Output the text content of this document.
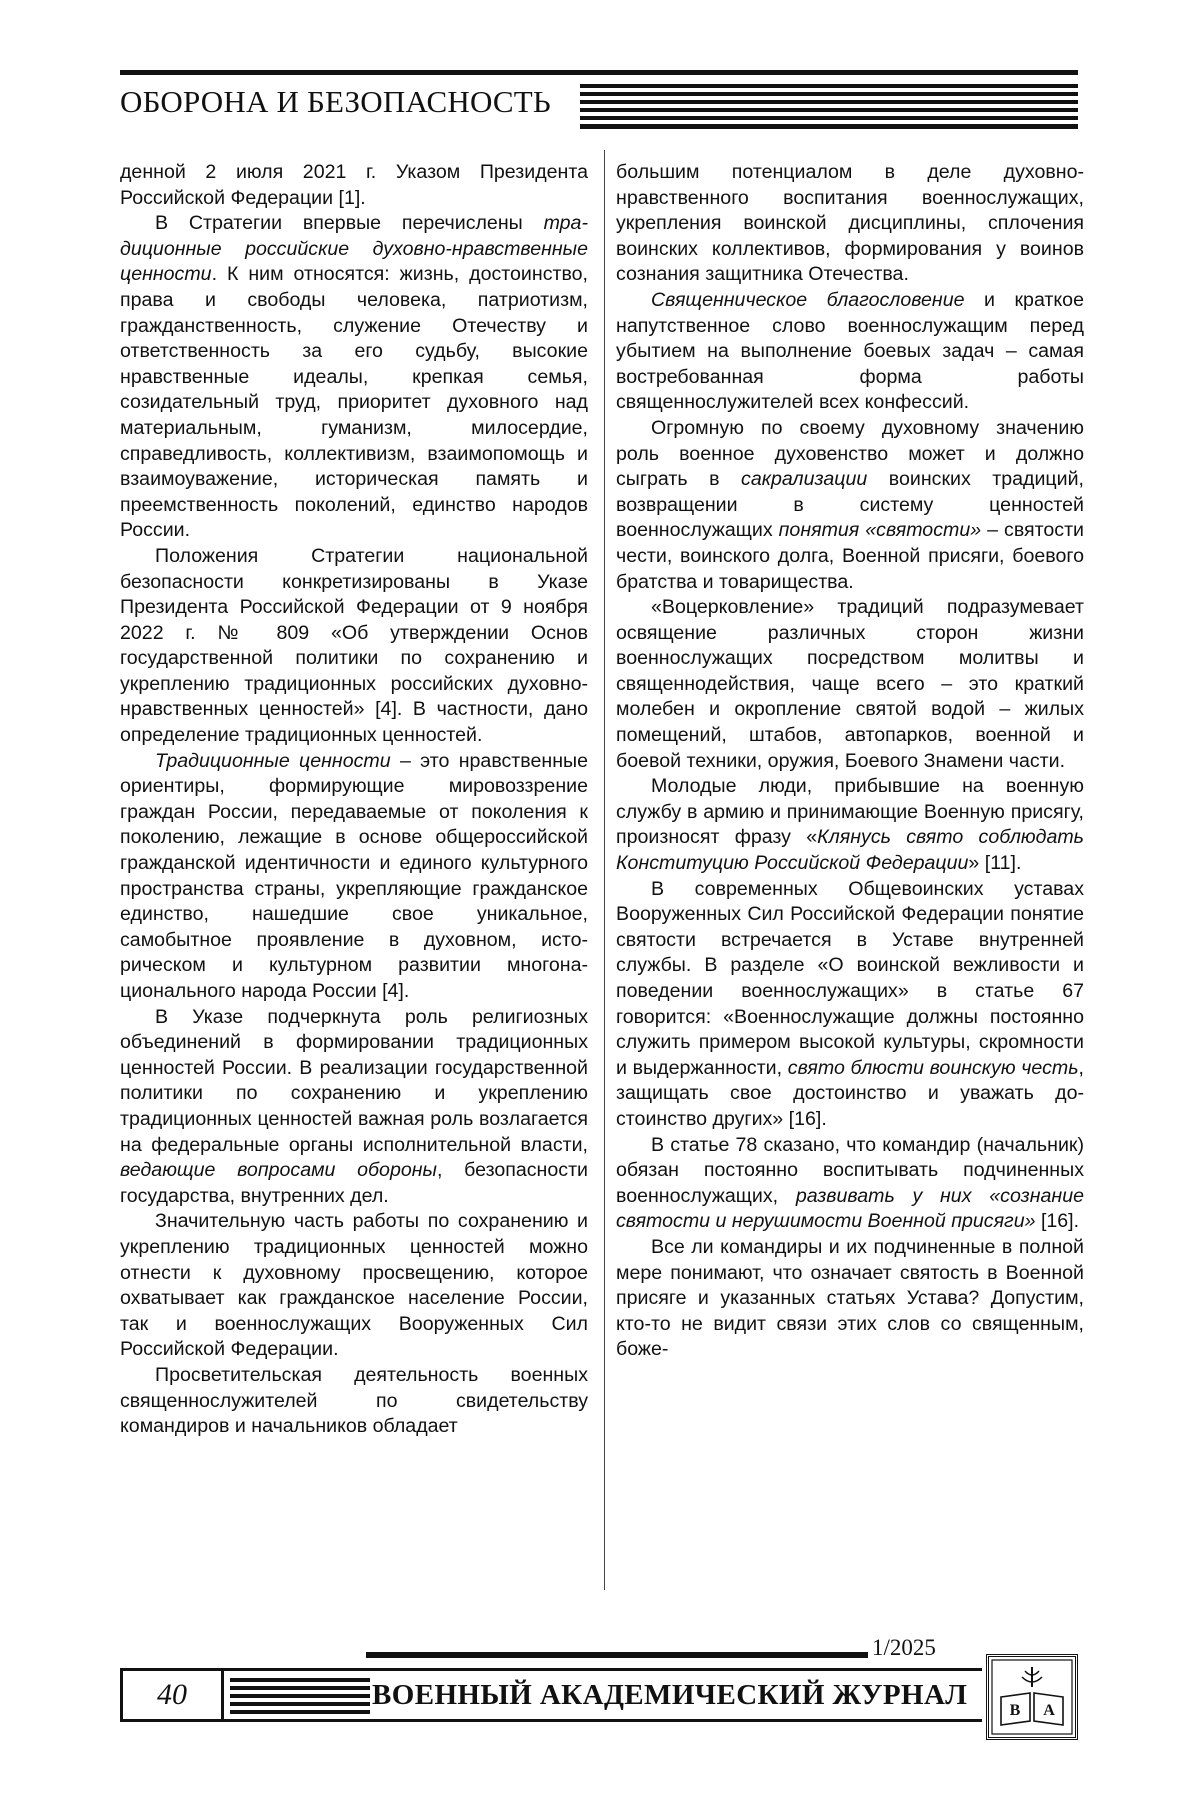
ОБОРОНА И БЕЗОПАСНОСТЬ

денной 2 июля 2021 г. Указом Президента Российской Федерации [1].

В Стратегии впервые перечислены традиционные российские духовно-нравственные ценности. К ним относятся: жизнь, достоинство, права и свободы человека, патриотизм, гражданственность, служение Отечеству и ответственность за его судьбу, высокие нравственные идеалы, крепкая семья, созидательный труд, приоритет духовного над материальным, гуманизм, милосердие, справедливость, коллективизм, взаимопомощь и взаимоуважение, историческая память и преемственность поколений, единство народов России.

Положения Стратегии национальной безопасности конкретизированы в Указе Президента Российской Федерации от 9 ноября 2022 г. № 809 «Об утверждении Основ государственной политики по сохранению и укреплению традиционных российских духовно-нравственных ценностей» [4]. В частности, дано определение традиционных ценностей.

Традиционные ценности – это нравственные ориентиры, формирующие мировоззрение граждан России, передаваемые от поколения к поколению, лежащие в основе общероссийской гражданской идентичности и единого культурного пространства страны, укрепляющие гражданское единство, нашедшие свое уникальное, самобытное проявление в духовном, историческом и культурном развитии многонационального народа России [4].

В Указе подчеркнута роль религиозных объединений в формировании традиционных ценностей России. В реализации государственной политики по сохранению и укреплению традиционных ценностей важная роль возлагается на федеральные органы исполнительной власти, ведающие вопросами обороны, безопасности государства, внутренних дел.

Значительную часть работы по сохранению и укреплению традиционных ценностей можно отнести к духовному просвещению, которое охватывает как гражданское население России, так и военнослужащих Вооруженных Сил Российской Федерации.

Просветительская деятельность военных священнослужителей по свидетельству командиров и начальников обладает

большим потенциалом в деле духовно-нравственного воспитания военнослужащих, укрепления воинской дисциплины, сплочения воинских коллективов, формирования у воинов сознания защитника Отечества.

Священническое благословение и краткое напутственное слово военнослужащим перед убытием на выполнение боевых задач – самая востребованная форма работы священнослужителей всех конфессий.

Огромную по своему духовному значению роль военное духовенство может и должно сыграть в сакрализации воинских традиций, возвращении в систему ценностей военнослужащих понятия «святости» – святости чести, воинского долга, Военной присяги, боевого братства и товарищества.

«Воцерковление» традиций подразумевает освящение различных сторон жизни военнослужащих посредством молитвы и священнодействия, чаще всего – это краткий молебен и окропление святой водой – жилых помещений, штабов, автопарков, военной и боевой техники, оружия, Боевого Знамени части.

Молодые люди, прибывшие на военную службу в армию и принимающие Военную присягу, произносят фразу «Клянусь свято соблюдать Конституцию Российской Федерации» [11].

В современных Общевоинских уставах Вооруженных Сил Российской Федерации понятие святости встречается в Уставе внутренней службы. В разделе «О воинской вежливости и поведении военнослужащих» в статье 67 говорится: «Военнослужащие должны постоянно служить примером высокой культуры, скромности и выдержанности, свято блюсти воинскую честь, защищать свое достоинство и уважать достоинство других» [16].

В статье 78 сказано, что командир (начальник) обязан постоянно воспитывать подчиненных военнослужащих, развивать у них «сознание святости и нерушимости Военной присяги» [16].

Все ли командиры и их подчиненные в полной мере понимают, что означает святость в Военной присяге и указанных статьях Устава? Допустим, кто-то не видит связи этих слов со священным, боже-

1/2025
40	ВОЕННЫЙ АКАДЕМИЧЕСКИЙ ЖУРНАЛ	В А
